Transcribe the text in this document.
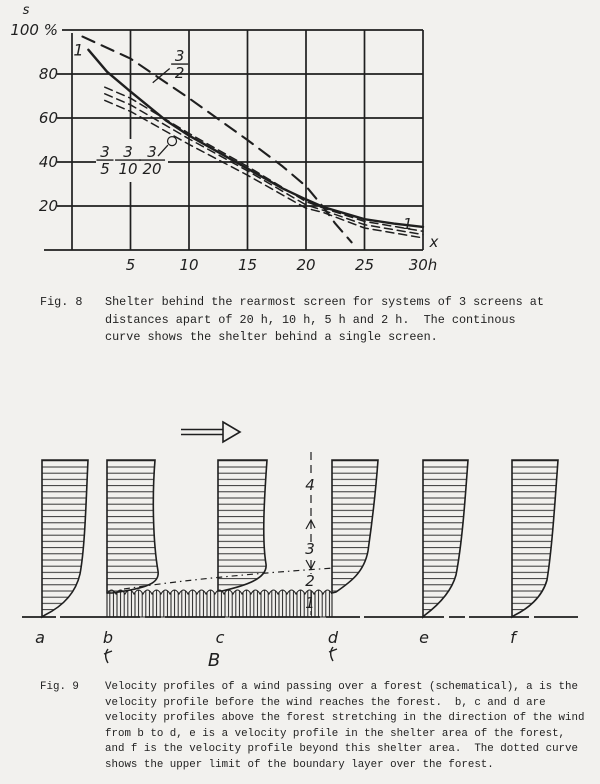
5	10	15	20	25 30h
20
40
60
80
100 %
s
x
1	3
2
3
5
3
10
3
20
1
4
3
2
1
a	b	c	d	e	f
B
Fig. 8	Shelter behind the rearmost screen for systems of 3 screens at
distances apart of 20 h, 10 h, 5 h and 2 h.  The continous
curve shows the shelter behind a single screen.
Fig. 9	Velocity profiles of a wind passing over a forest (schematical), a is the
velocity profile before the wind reaches the forest.  b, c and d are
velocity profiles above the forest stretching in the direction of the wind
from b to d, e is a velocity profile in the shelter area of the forest,
and f is the velocity profile beyond this shelter area.  The dotted curve
shows the upper limit of the boundary layer over the forest.
